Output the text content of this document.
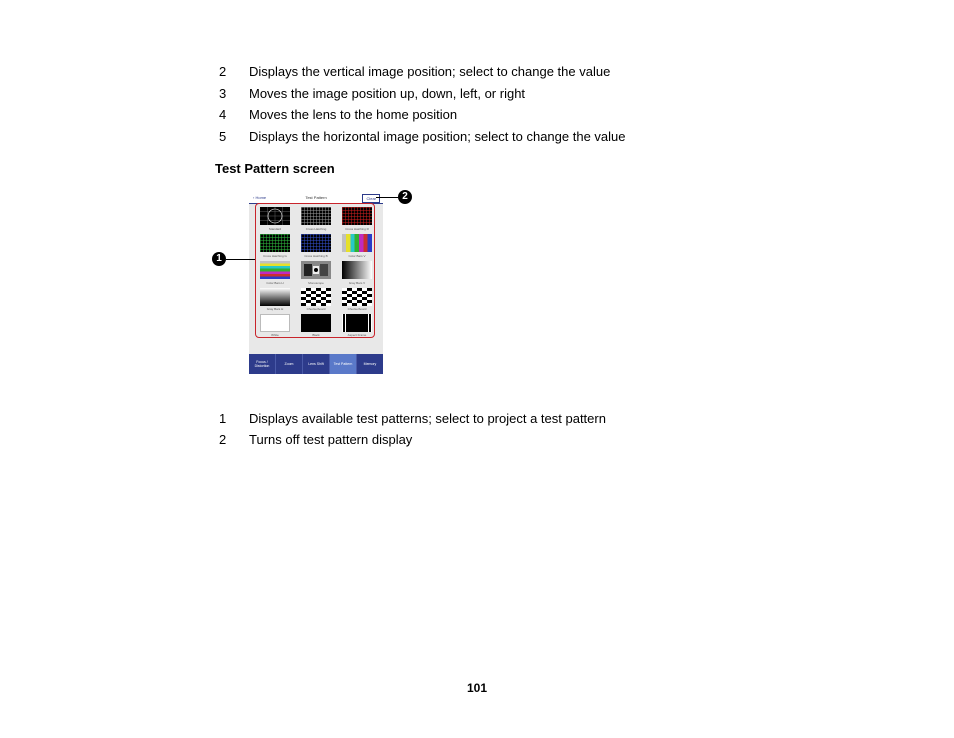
2 Displays the vertical image position; select to change the value
3 Moves the image position up, down, left, or right
4 Moves the lens to the home position
5 Displays the horizontal image position; select to change the value
Test Pattern screen
‹ Home	Test Pattern	Clear
Focus / Distortion	Zoom	Lens Shift	Test Pattern	Memory
Standard	Cross Hatching	Cross Hatching R
Cross Hatching G	Cross Hatching B	Color Bars V
Color Bars H	Monoscope	Gray Bars V
Gray Bars H	Checkerboard	Checkerboard
White	Black	Aspect Frame
1
2
1 Displays available test patterns; select to project a test pattern
2 Turns off test pattern display
101
